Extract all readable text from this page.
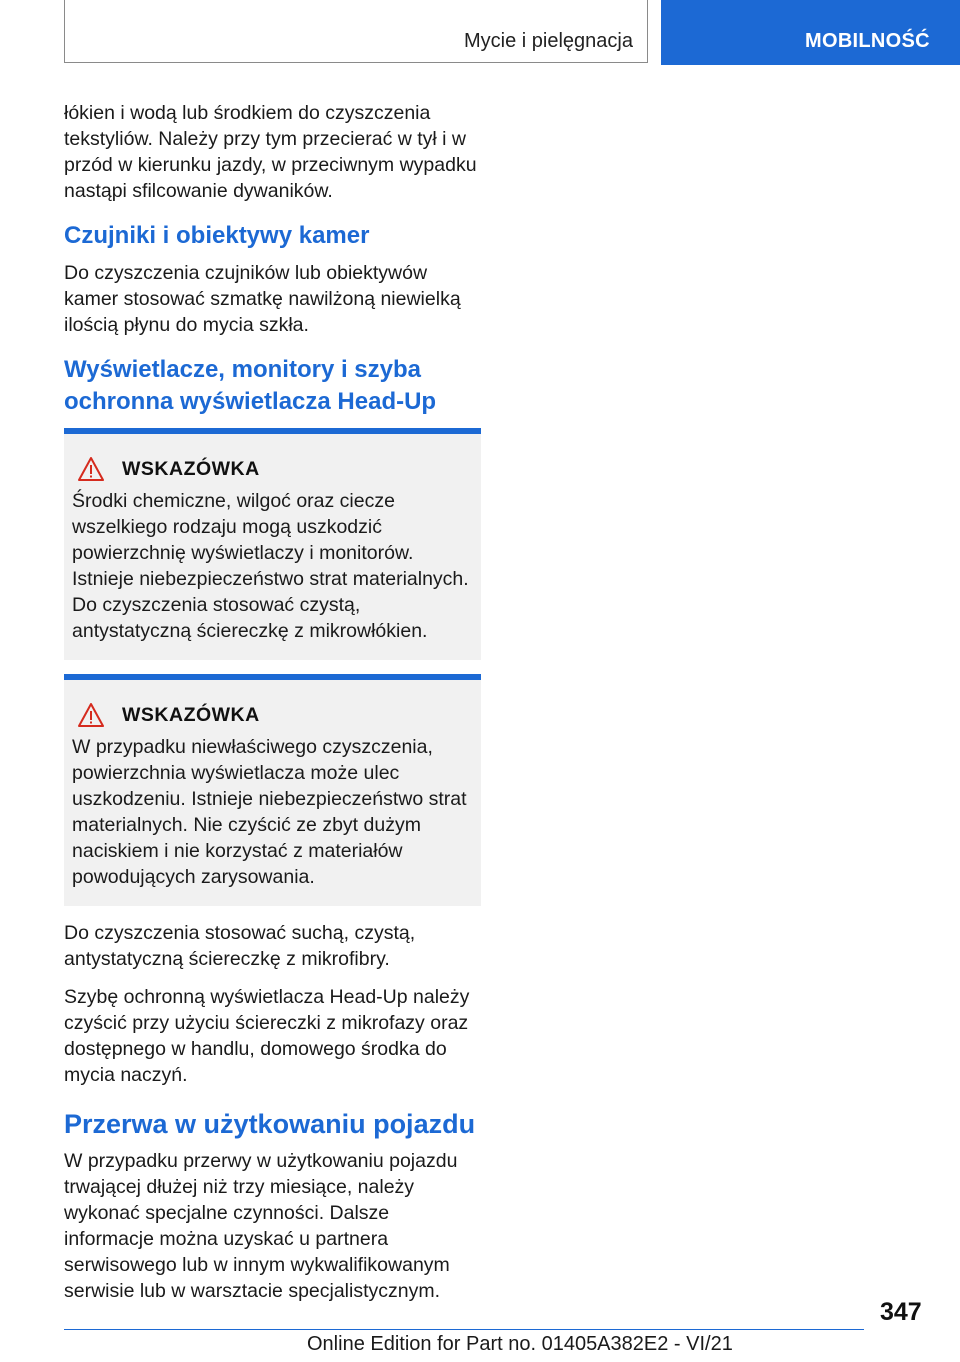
Mycie i pielęgnacja	MOBILNOŚĆ

łókien i wodą lub środkiem do czyszczenia tekstyliów. Należy przy tym przecierać w tył i w przód w kierunku jazdy, w przeciwnym wypadku nastąpi sfilcowanie dywaników.

Czujniki i obiektywy kamer

Do czyszczenia czujników lub obiektywów kamer stosować szmatkę nawilżoną niewielką ilością płynu do mycia szkła.

Wyświetlacze, monitory i szyba ochronna wyświetlacza Head-Up
WSKAZÓWKA

Środki chemiczne, wilgoć oraz ciecze wszelkiego rodzaju mogą uszkodzić powierzchnię wyświetlaczy i monitorów. Istnieje niebezpieczeństwo strat materialnych. Do czyszczenia stosować czystą, antystatyczną ściereczkę z mikrowłókien.

WSKAZÓWKA

W przypadku niewłaściwego czyszczenia, powierzchnia wyświetlacza może ulec uszkodzeniu. Istnieje niebezpieczeństwo strat materialnych. Nie czyścić ze zbyt dużym naciskiem i nie korzystać z materiałów powodujących zarysowania.

Do czyszczenia stosować suchą, czystą, antystatyczną ściereczkę z mikrofibry.

Szybę ochronną wyświetlacza Head-Up należy czyścić przy użyciu ściereczki z mikrofazy oraz dostępnego w handlu, domowego środka do mycia naczyń.

Przerwa w użytkowaniu pojazdu

W przypadku przerwy w użytkowaniu pojazdu trwającej dłużej niż trzy miesiące, należy wykonać specjalne czynności. Dalsze informacje można uzyskać u partnera serwisowego lub w innym wykwalifikowanym serwisie lub w warsztacie specjalistycznym.

347
Online Edition for Part no. 01405A382E2 - VI/21
